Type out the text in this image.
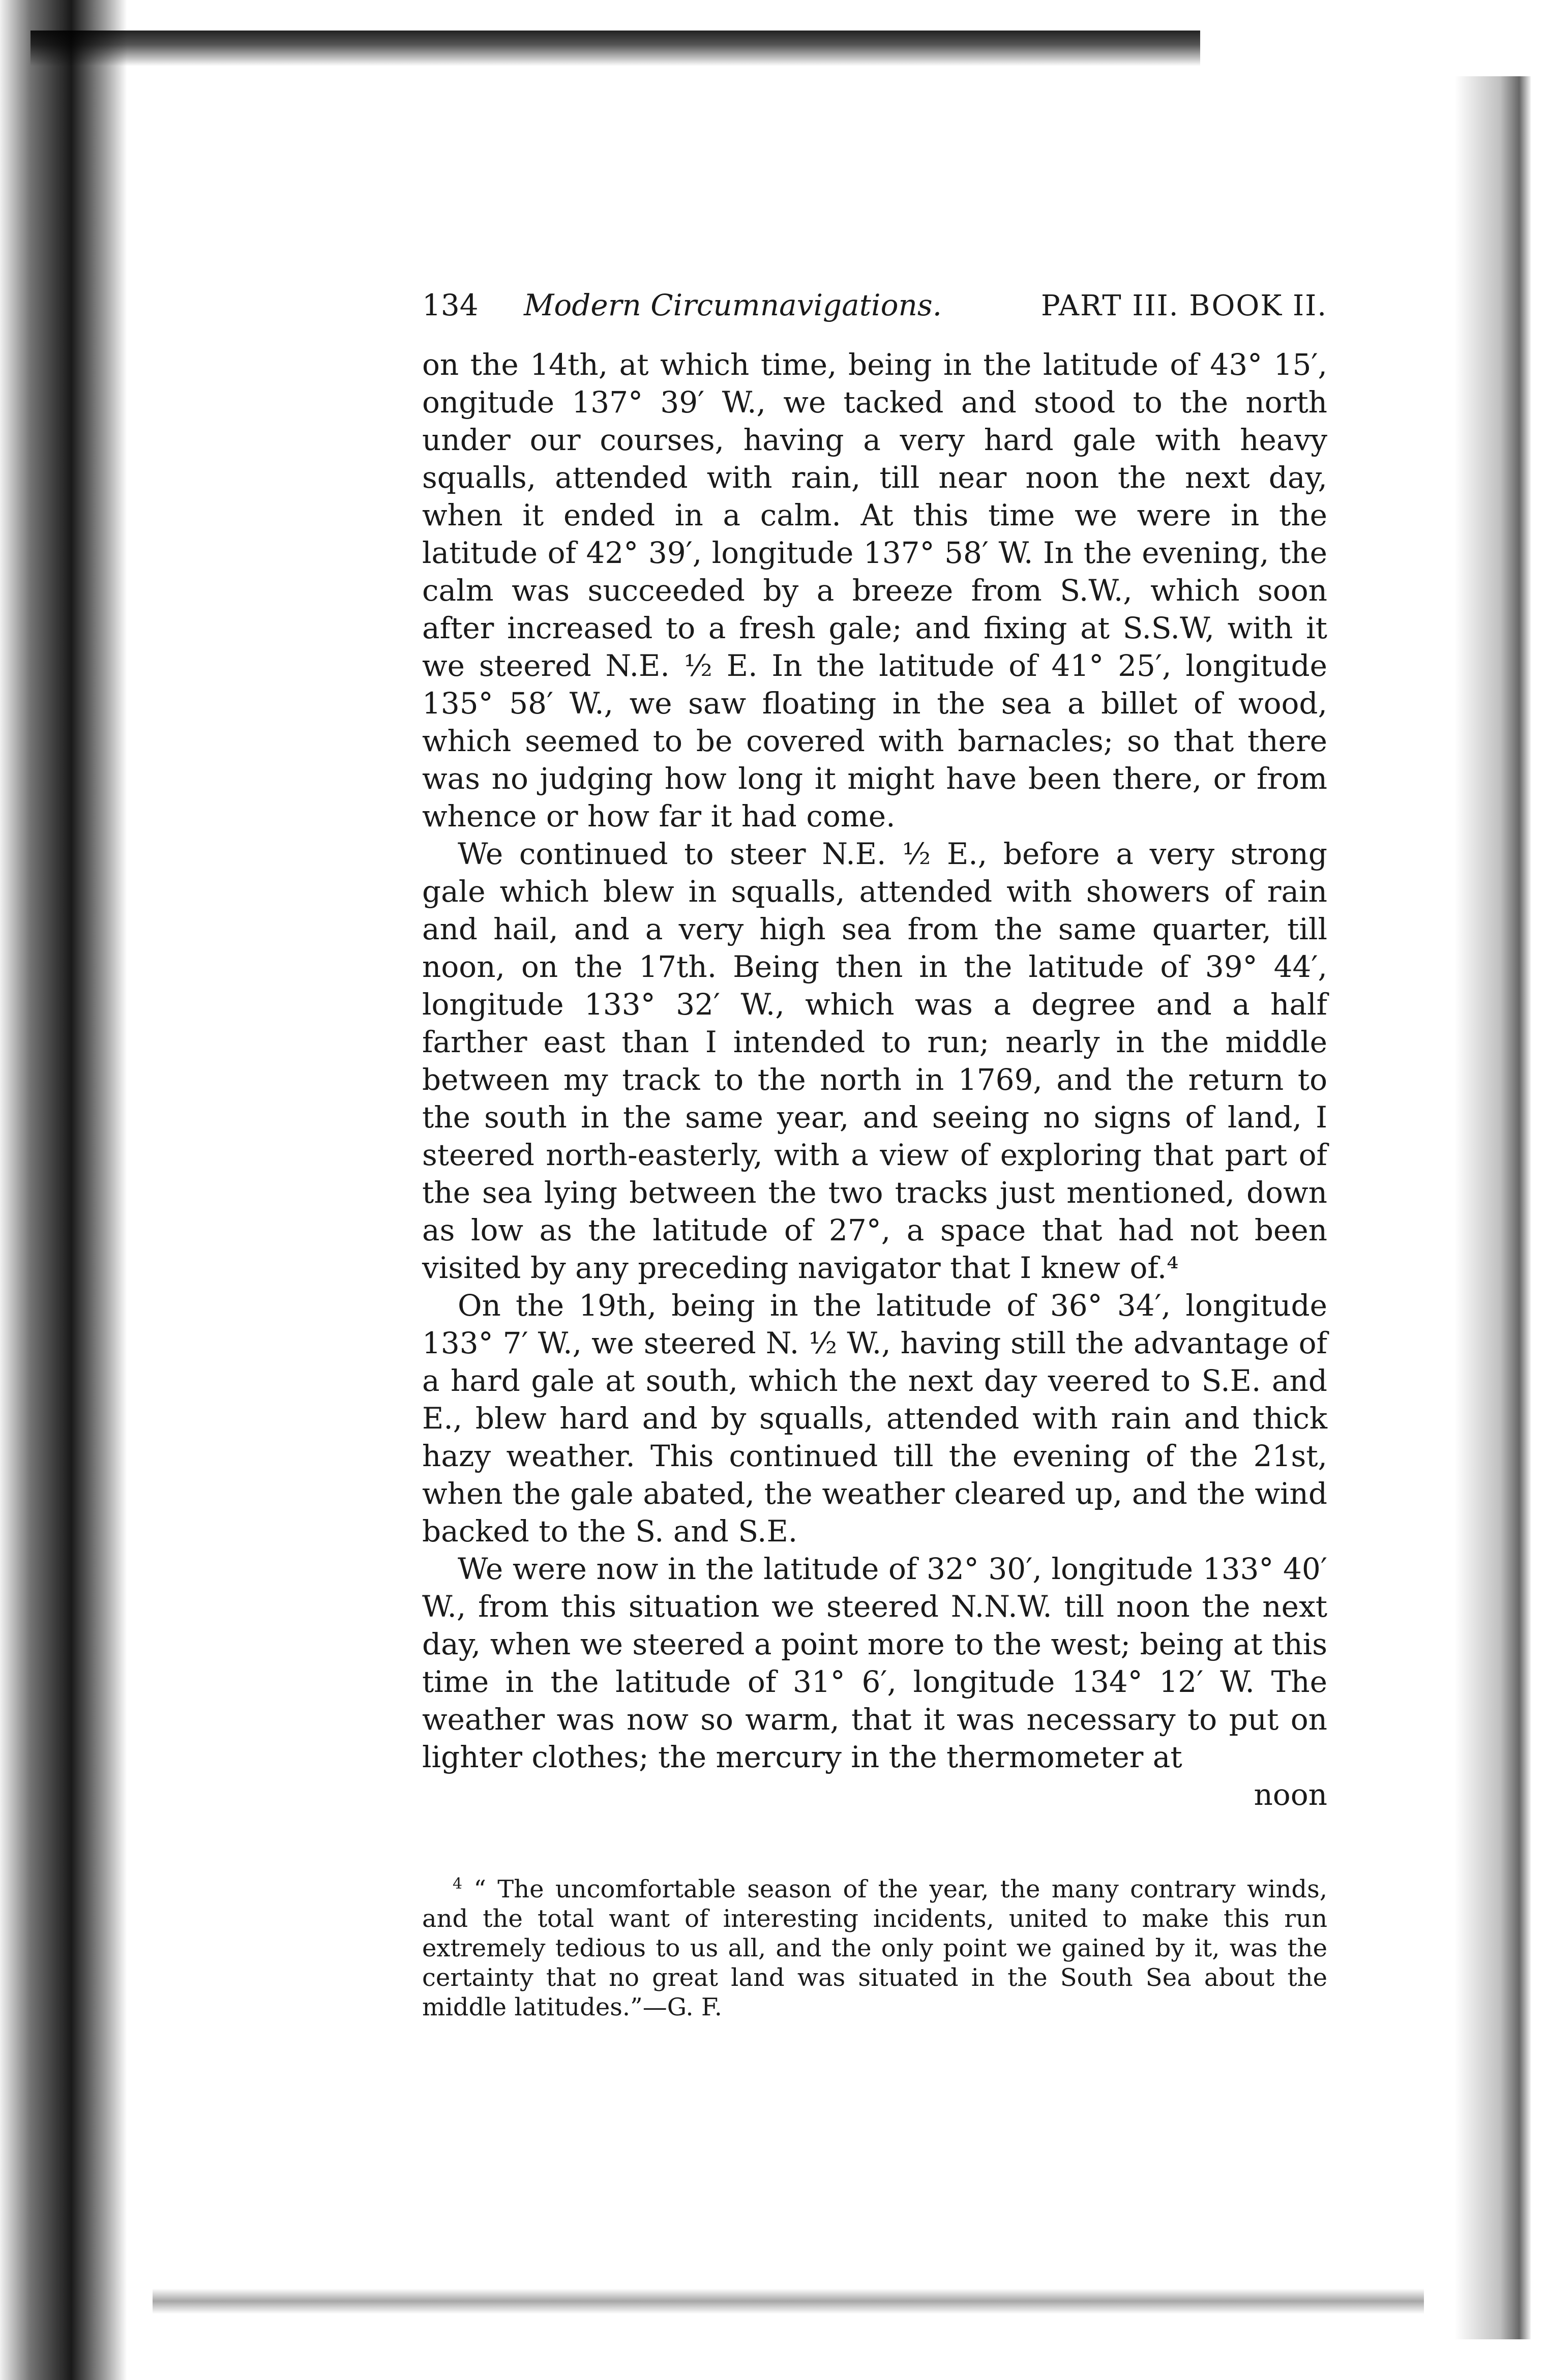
134	Modern Circumnavigations.	PART III. BOOK II.

on the 14th, at which time, being in the latitude of 43° 15′, ongitude 137° 39′ W., we tacked and stood to the north under our courses, having a very hard gale with heavy squalls, attended with rain, till near noon the next day, when it ended in a calm. At this time we were in the latitude of 42° 39′, longitude 137° 58′ W. In the evening, the calm was succeeded by a breeze from S.W., which soon after increased to a fresh gale; and fixing at S.S.W, with it we steered N.E. ½ E. In the latitude of 41° 25′, longitude 135° 58′ W., we saw floating in the sea a billet of wood, which seemed to be covered with barnacles; so that there was no judging how long it might have been there, or from whence or how far it had come.

We continued to steer N.E. ½ E., before a very strong gale which blew in squalls, attended with showers of rain and hail, and a very high sea from the same quarter, till noon, on the 17th. Being then in the latitude of 39° 44′, longitude 133° 32′ W., which was a degree and a half farther east than I intended to run; nearly in the middle between my track to the north in 1769, and the return to the south in the same year, and seeing no signs of land, I steered north-easterly, with a view of exploring that part of the sea lying between the two tracks just mentioned, down as low as the latitude of 27°, a space that had not been visited by any preceding navigator that I knew of.⁴

On the 19th, being in the latitude of 36° 34′, longitude 133° 7′ W., we steered N. ½ W., having still the advantage of a hard gale at south, which the next day veered to S.E. and E., blew hard and by squalls, attended with rain and thick hazy weather. This continued till the evening of the 21st, when the gale abated, the weather cleared up, and the wind backed to the S. and S.E.

We were now in the latitude of 32° 30′, longitude 133° 40′ W., from this situation we steered N.N.W. till noon the next day, when we steered a point more to the west; being at this time in the latitude of 31° 6′, longitude 134° 12′ W. The weather was now so warm, that it was necessary to put on lighter clothes; the mercury in the thermometer at

noon
$^4$ “ The uncomfortable season of the year, the many contrary winds, and the total want of interesting incidents, united to make this run extremely tedious to us all, and the only point we gained by it, was the certainty that no great land was situated in the South Sea about the middle latitudes.”—G. F.
